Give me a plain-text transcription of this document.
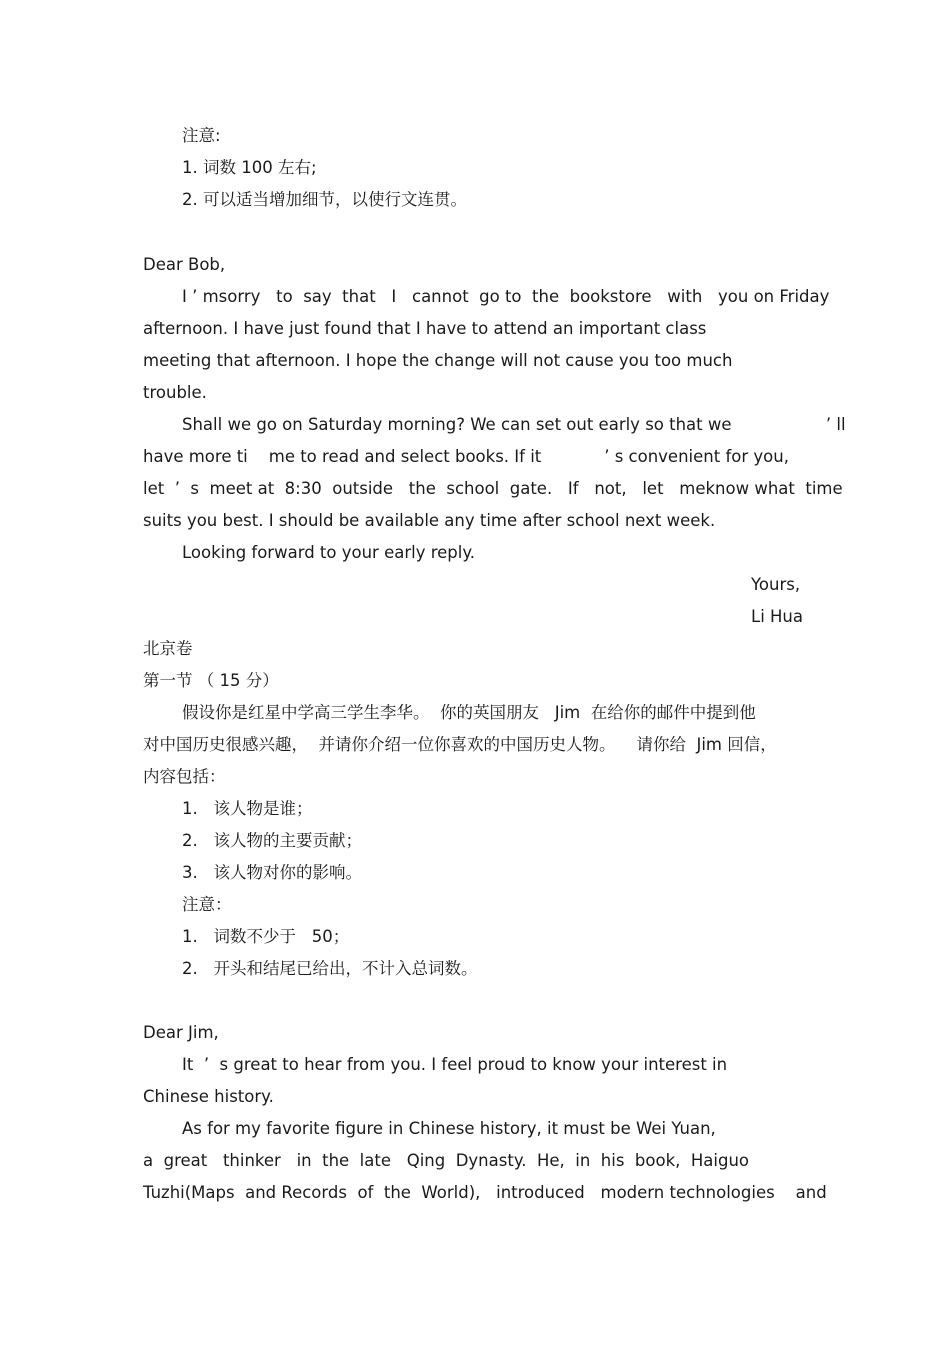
注意:

1. 词数 100 左右;

2. 可以适当增加细节，以使行文连贯。

Dear Bob,

I ’ msorry   to  say  that   I   cannot  go to  the  bookstore   with   you on Friday

afternoon. I have just found that I have to attend an important class

meeting that afternoon. I hope the change will not cause you too much

trouble.

Shall we go on Saturday morning? We can set out early so that we                  ’ ll

have more ti    me to read and select books. If it            ’ s convenient for you,

let  ’  s  meet at  8:30  outside   the  school  gate.   If   not,   let   meknow what  time

suits you best. I should be available any time after school next week.

Looking forward to your early reply.

Yours,

Li Hua

北京卷

第一节 （ 15 分）

假设你是红星中学高三学生李华。  你的英国朋友   Jim  在给你的邮件中提到他

对中国历史很感兴趣，  并请你介绍一位你喜欢的中国历史人物。    请你给  Jim 回信，

内容包括：

1.   该人物是谁；

2.   该人物的主要贡献；

3.   该人物对你的影响。

注意：

1.   词数不少于   50；

2.   开头和结尾已给出，不计入总词数。

Dear Jim,

It  ’  s great to hear from you. I feel proud to know your interest in

Chinese history.

As for my favorite figure in Chinese history, it must be Wei Yuan,

a  great   thinker   in  the  late   Qing  Dynasty.  He,  in  his  book,  Haiguo

Tuzhi(Maps  and Records  of  the  World),   introduced   modern technologies    and
